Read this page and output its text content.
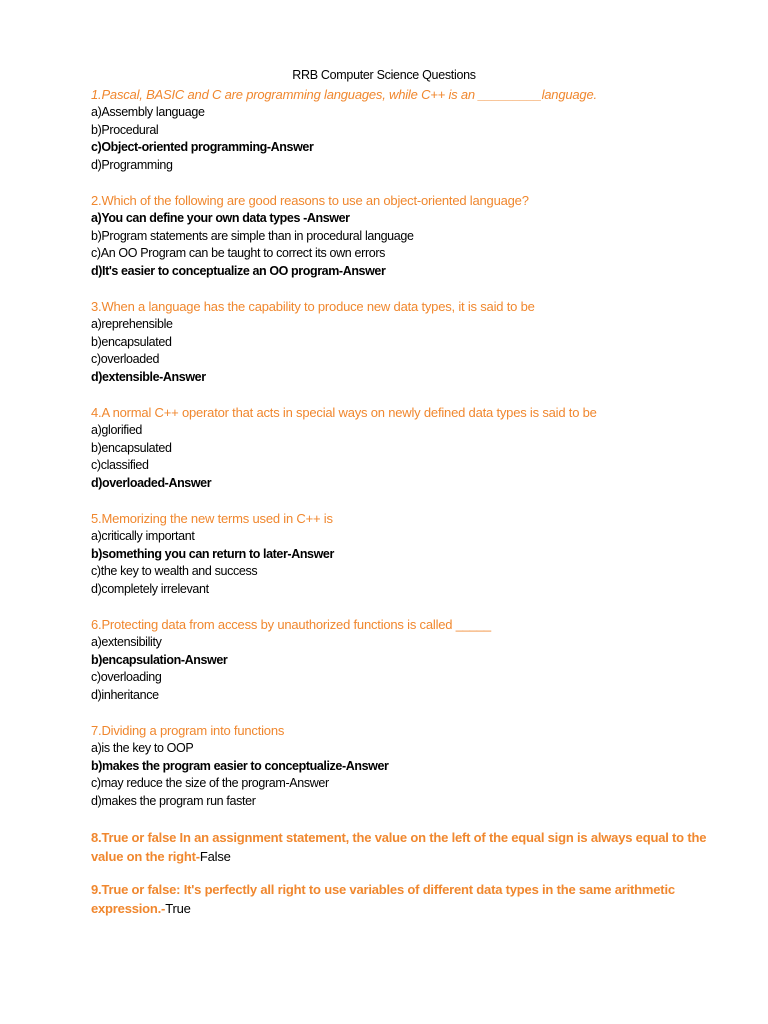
RRB Computer Science Questions
1.Pascal, BASIC and C are programming languages, while C++ is an _________language.
a)Assembly language
b)Procedural
c)Object-oriented programming-Answer
d)Programming
2.Which of the following are good reasons to use an object-oriented language?
a)You can define your own data types -Answer
b)Program statements are simple than in procedural language
c)An OO Program can be taught to correct its own errors
d)It's easier to conceptualize an OO program-Answer
3.When a language has the capability to produce new data types, it is said to be
a)reprehensible
b)encapsulated
c)overloaded
d)extensible-Answer
4.A normal C++ operator that acts in special ways on newly defined data types is said to be
a)glorified
b)encapsulated
c)classified
d)overloaded-Answer
5.Memorizing the new terms used in C++ is
a)critically important
b)something you can return to later-Answer
c)the key to wealth and success
d)completely irrelevant
6.Protecting data from access by unauthorized functions is called _____
a)extensibility
b)encapsulation-Answer
c)overloading
d)inheritance
7.Dividing a program into functions
a)is the key to OOP
b)makes the program easier to conceptualize-Answer
c)may reduce the size of the program-Answer
d)makes the program run faster
8.True or false In an assignment statement, the value on the left of the equal sign is always equal to the value on the right-False
9.True or false: It's perfectly all right to use variables of different data types in the same arithmetic expression.-True
